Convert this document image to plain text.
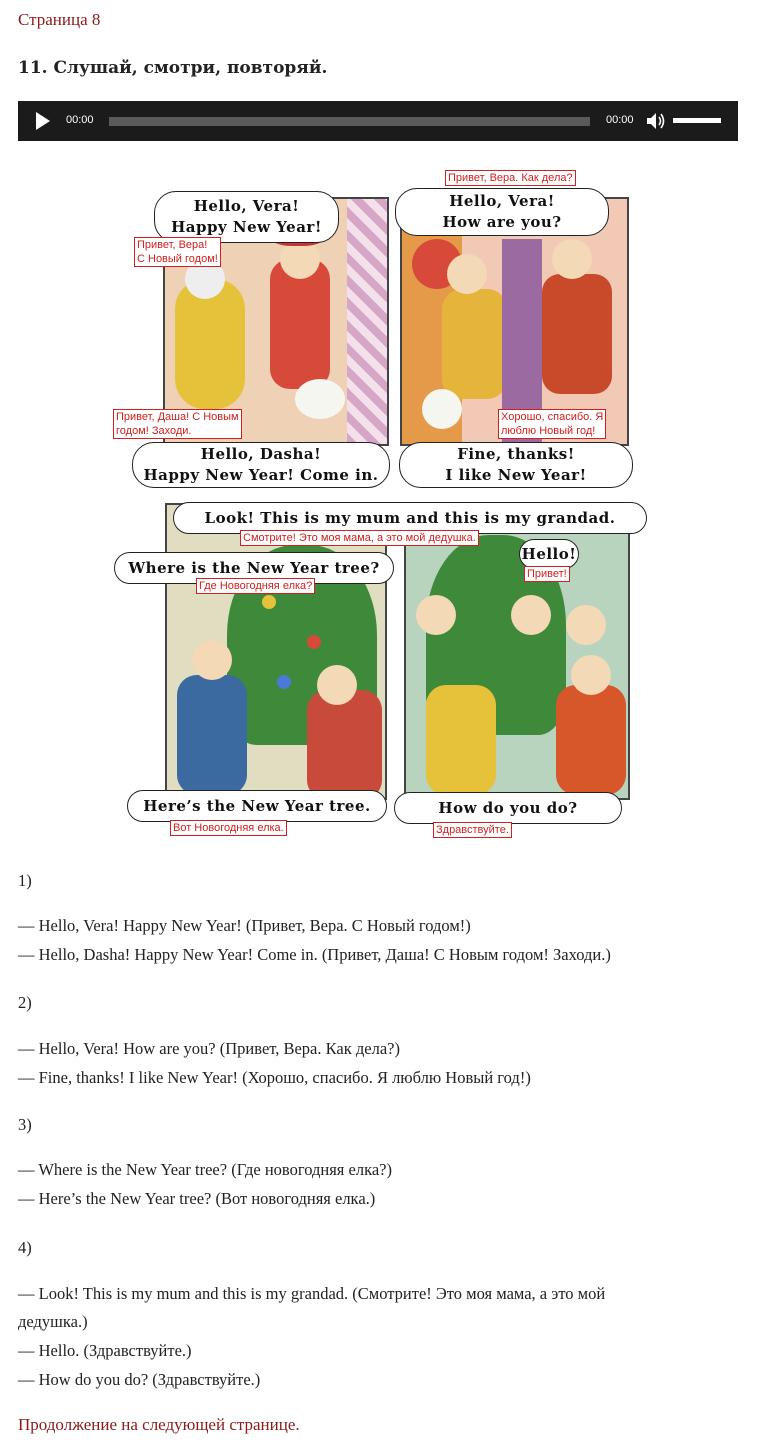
Страница 8
11. Слушай, смотри, повторяй.
00:00	00:00
Hello, Vera!
Happy New Year!
Привет, Вера!
С Новый годом!
Hello, Dasha!
Happy New Year! Come in.
Привет, Даша! С Новым
годом! Заходи.
Hello, Vera!
How are you?
Привет, Вера. Как дела?
Fine, thanks!
I like New Year!
Хорошо, спасибо. Я
люблю Новый год!
Where is the New Year tree?
Где Новогодняя елка?
Here’s the New Year tree.
Вот Новогодняя елка.
Look! This is my mum and this is my grandad.
Смотрите! Это моя мама, а это мой дедушка.
Hello!
Привет!
How do you do?
Здравствуйте.
1)
— Hello, Vera! Happy New Year! (Привет, Вера. С Новый годом!)
— Hello, Dasha! Happy New Year! Come in. (Привет, Даша! С Новым годом! Заходи.)
2)
— Hello, Vera! How are you? (Привет, Вера. Как дела?)
— Fine, thanks! I like New Year! (Хорошо, спасибо. Я люблю Новый год!)
3)
— Where is the New Year tree? (Где новогодняя елка?)
— Here’s the New Year tree? (Вот новогодняя елка.)
4)
— Look! This is my mum and this is my grandad. (Смотрите! Это моя мама, а это мой
дедушка.)
— Hello. (Здравствуйте.)
— How do you do? (Здравствуйте.)
Продолжение на следующей странице.
